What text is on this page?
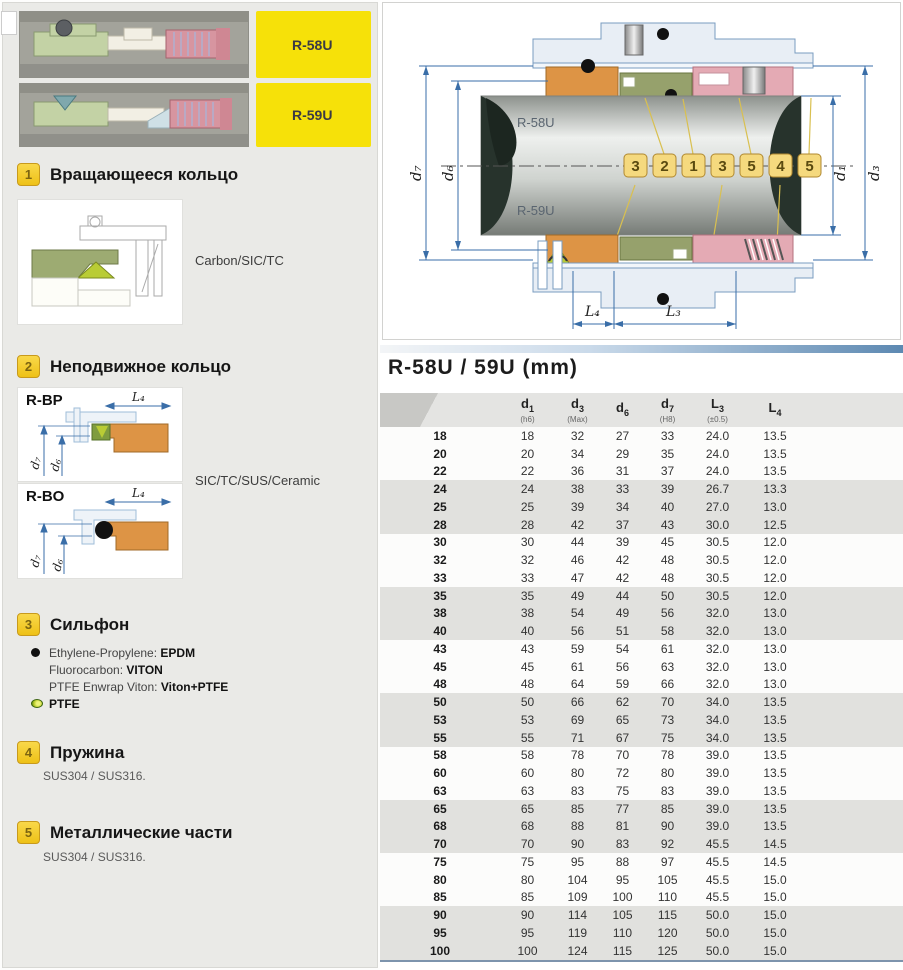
R-58U
R-59U
1	Вращающееся кольцо
Carbon/SIC/TC
2	Неподвижное кольцо
R-BP	L₄
d₇ d₆
R-BO	L₄
d₇ d₆
SIC/TC/SUS/Ceramic
3	Сильфон
Ethylene-Propylene: EPDM
Fluorocarbon: VITON
PTFE Enwrap Viton: Viton+PTFE
PTFE
4	Пружина
SUS304 / SUS316.
5	Металлические части
SUS304 / SUS316.
R-58U
R-59U
3 2 1 3 5 4 5
d₇ d₆	d₁ d₃
L₄	L₃
R-58U / 59U (mm)
$d_1$
(h6)
$d_3$
(Max)
$d_6$
$d_7$
(H8)
$L_3$
(±0.5)
$L_4$
18	18	32	27	33	24.0	13.5
20	20	34	29	35	24.0	13.5
22	22	36	31	37	24.0	13.5
24	24	38	33	39	26.7	13.3
25	25	39	34	40	27.0	13.0
28	28	42	37	43	30.0	12.5
30	30	44	39	45	30.5	12.0
32	32	46	42	48	30.5	12.0
33	33	47	42	48	30.5	12.0
35	35	49	44	50	30.5	12.0
38	38	54	49	56	32.0	13.0
40	40	56	51	58	32.0	13.0
43	43	59	54	61	32.0	13.0
45	45	61	56	63	32.0	13.0
48	48	64	59	66	32.0	13.0
50	50	66	62	70	34.0	13.5
53	53	69	65	73	34.0	13.5
55	55	71	67	75	34.0	13.5
58	58	78	70	78	39.0	13.5
60	60	80	72	80	39.0	13.5
63	63	83	75	83	39.0	13.5
65	65	85	77	85	39.0	13.5
68	68	88	81	90	39.0	13.5
70	70	90	83	92	45.5	14.5
75	75	95	88	97	45.5	14.5
80	80	104	95	105	45.5	15.0
85	85	109	100	110	45.5	15.0
90	90	114	105	115	50.0	15.0
95	95	119	110	120	50.0	15.0
100	100	124	115	125	50.0	15.0
